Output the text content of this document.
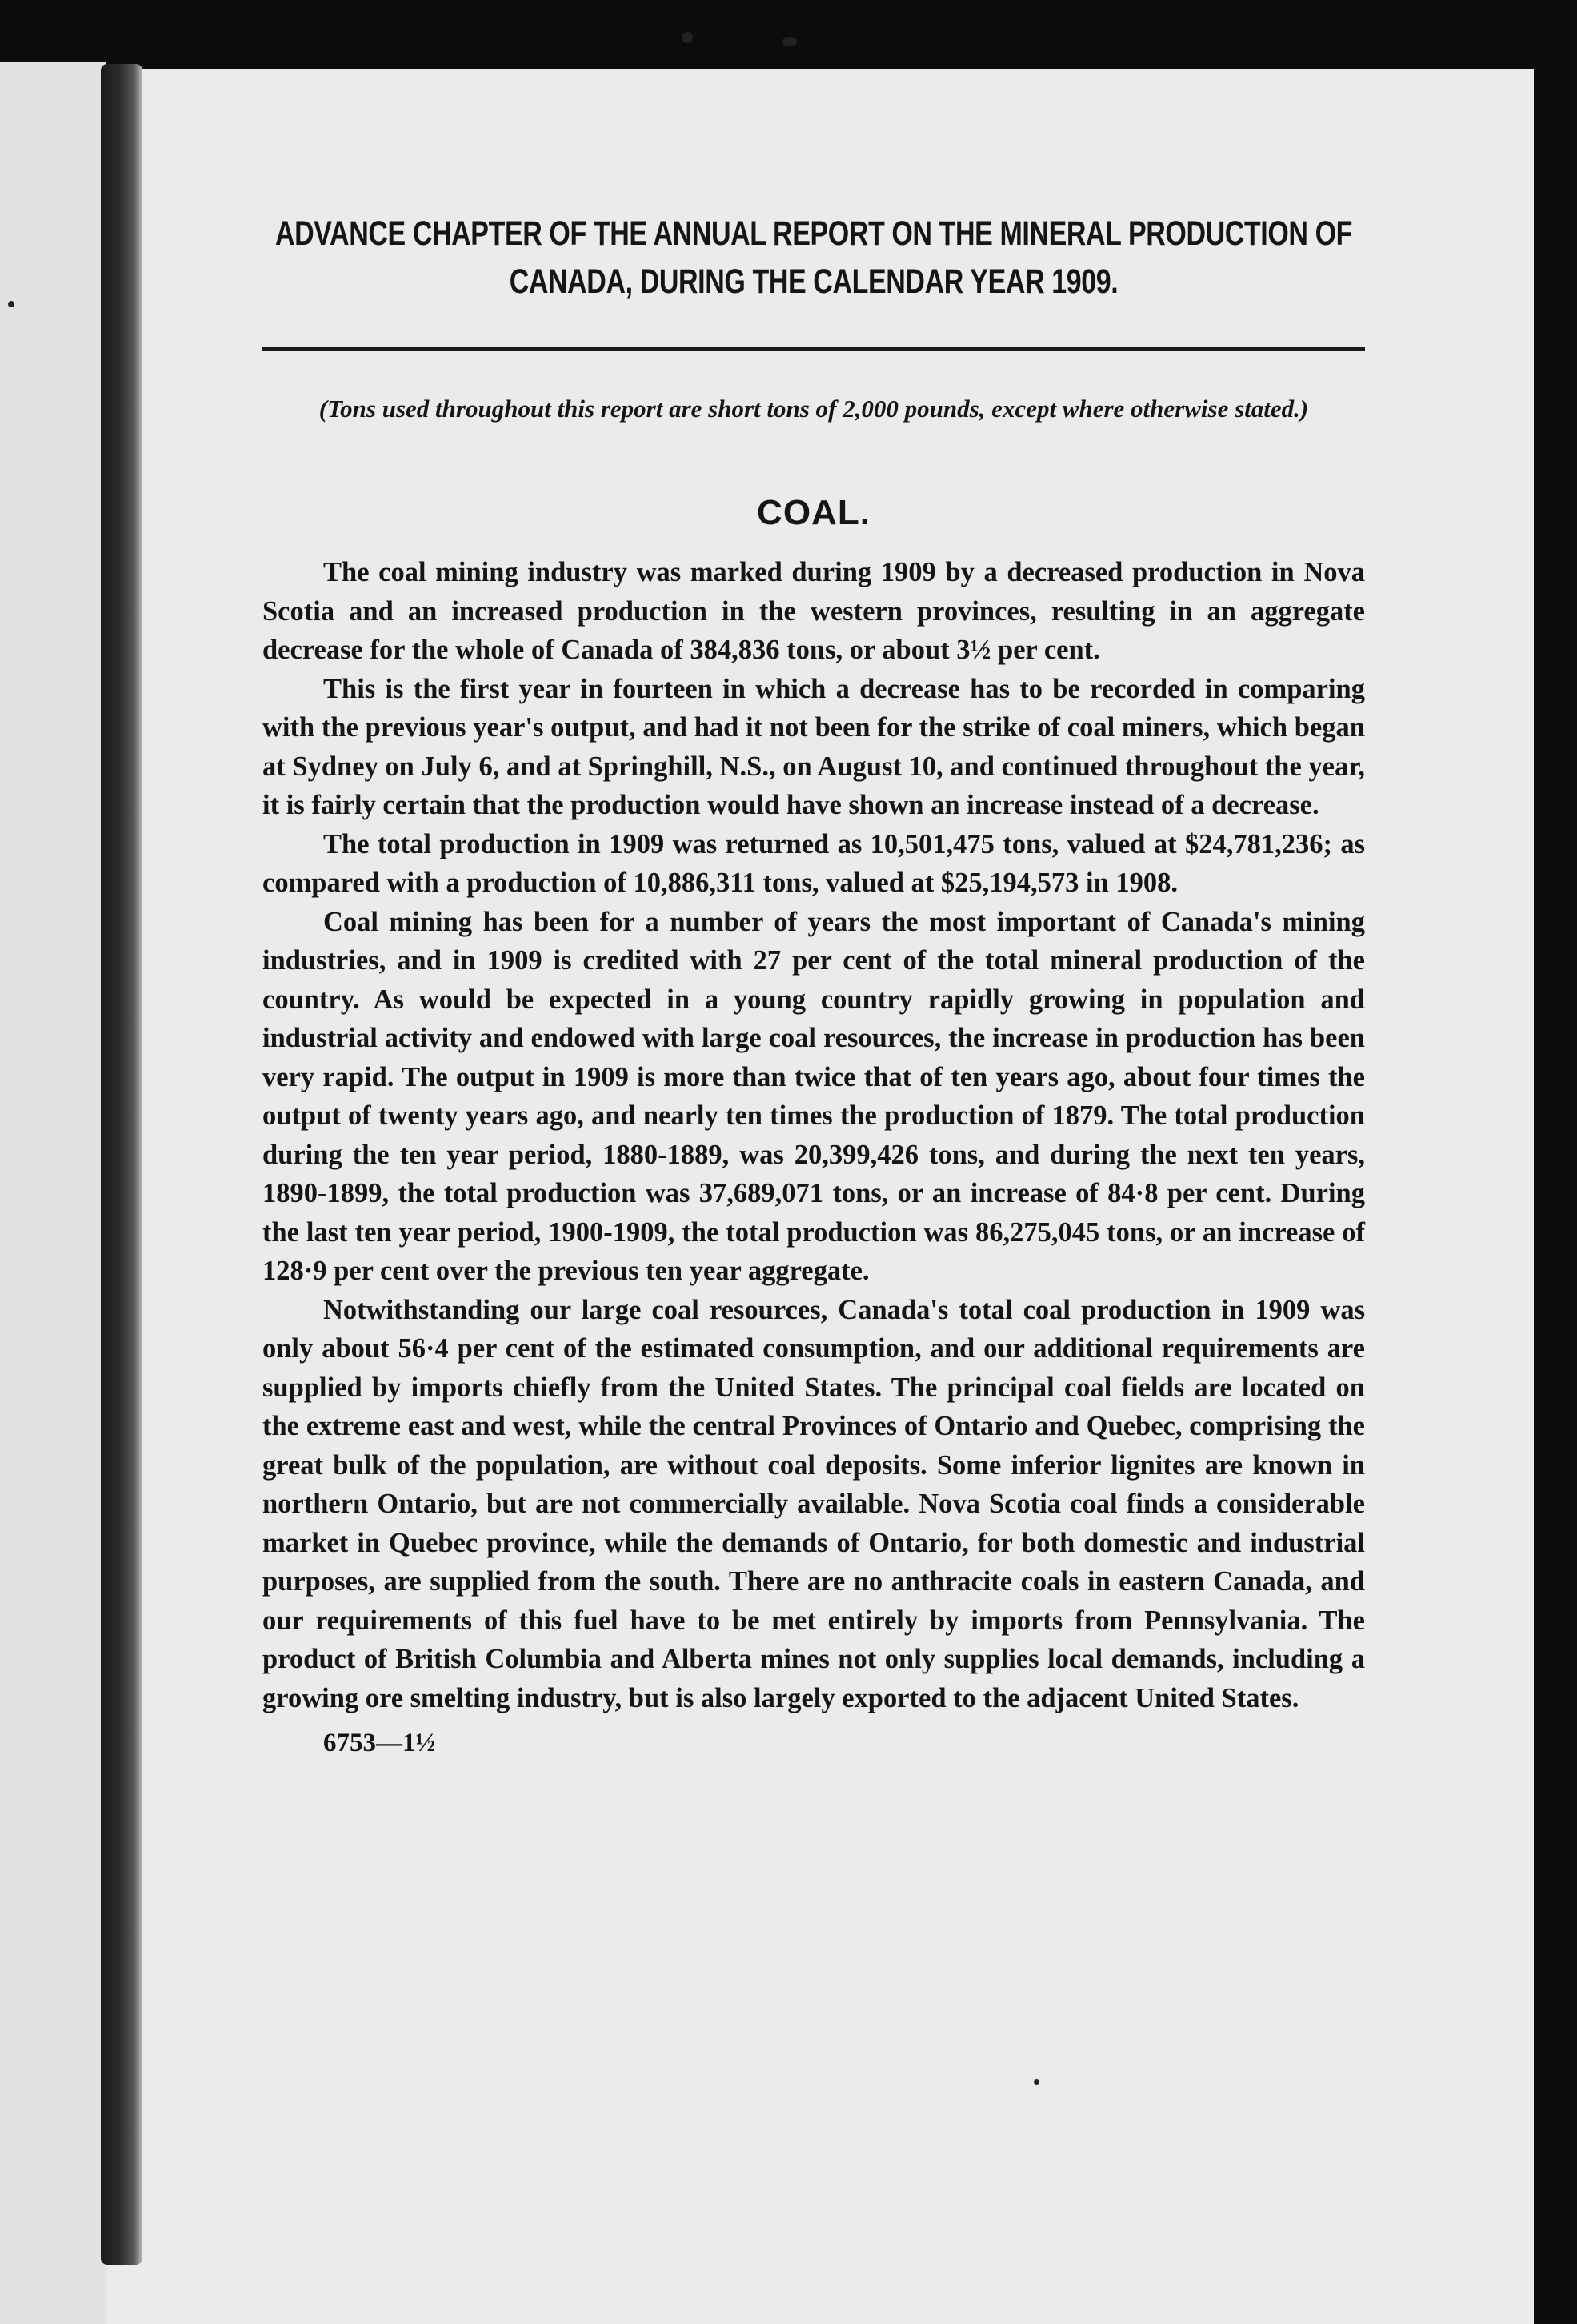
ADVANCE CHAPTER OF THE ANNUAL REPORT ON THE MINERAL PRODUCTION OF CANADA, DURING THE CALENDAR YEAR 1909.

(Tons used throughout this report are short tons of 2,000 pounds, except where otherwise stated.)

COAL.

The coal mining industry was marked during 1909 by a decreased production in Nova Scotia and an increased production in the western provinces, resulting in an aggregate decrease for the whole of Canada of 384,836 tons, or about 3½ per cent.

This is the first year in fourteen in which a decrease has to be recorded in comparing with the previous year's output, and had it not been for the strike of coal miners, which began at Sydney on July 6, and at Springhill, N.S., on August 10, and continued throughout the year, it is fairly certain that the production would have shown an increase instead of a decrease.

The total production in 1909 was returned as 10,501,475 tons, valued at $24,781,236; as compared with a production of 10,886,311 tons, valued at $25,194,573 in 1908.

Coal mining has been for a number of years the most important of Canada's mining industries, and in 1909 is credited with 27 per cent of the total mineral production of the country. As would be expected in a young country rapidly growing in population and industrial activity and endowed with large coal resources, the increase in production has been very rapid. The output in 1909 is more than twice that of ten years ago, about four times the output of twenty years ago, and nearly ten times the production of 1879. The total production during the ten year period, 1880-1889, was 20,399,426 tons, and during the next ten years, 1890-1899, the total production was 37,689,071 tons, or an increase of 84·8 per cent. During the last ten year period, 1900-1909, the total production was 86,275,045 tons, or an increase of 128·9 per cent over the previous ten year aggregate.

Notwithstanding our large coal resources, Canada's total coal production in 1909 was only about 56·4 per cent of the estimated consumption, and our additional requirements are supplied by imports chiefly from the United States. The principal coal fields are located on the extreme east and west, while the central Provinces of Ontario and Quebec, comprising the great bulk of the population, are without coal deposits. Some inferior lignites are known in northern Ontario, but are not commercially available. Nova Scotia coal finds a considerable market in Quebec province, while the demands of Ontario, for both domestic and industrial purposes, are supplied from the south. There are no anthracite coals in eastern Canada, and our requirements of this fuel have to be met entirely by imports from Pennsylvania. The product of British Columbia and Alberta mines not only supplies local demands, including a growing ore smelting industry, but is also largely exported to the adjacent United States.

6753—1½
